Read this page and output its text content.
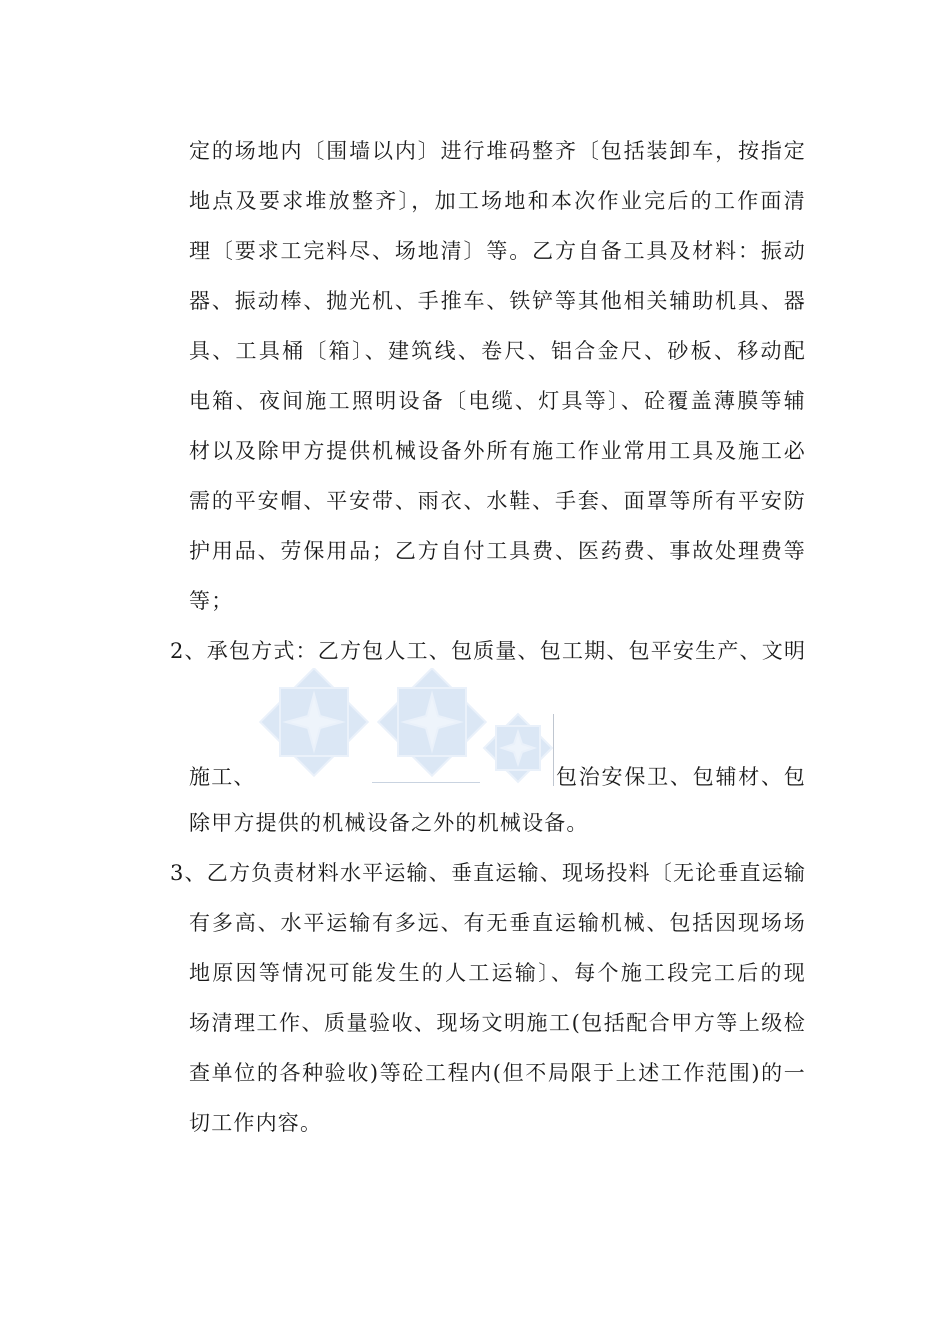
定的场地内〔围墙以内〕进行堆码整齐〔包括装卸车，按指定
地点及要求堆放整齐〕，加工场地和本次作业完后的工作面清
理〔要求工完料尽、场地清〕等。乙方自备工具及材料：振动
器、振动棒、抛光机、手推车、铁铲等其他相关辅助机具、器
具、工具桶〔箱〕、建筑线、卷尺、铝合金尺、砂板、移动配
电箱、夜间施工照明设备〔电缆、灯具等〕、砼覆盖薄膜等辅
材以及除甲方提供机械设备外所有施工作业常用工具及施工必
需的平安帽、平安带、雨衣、水鞋、手套、面罩等所有平安防
护用品、劳保用品；乙方自付工具费、医药费、事故处理费等
等；
2、承包方式：乙方包人工、包质量、包工期、包平安生产、文明
施工、	包治安保卫、包辅材、包
除甲方提供的机械设备之外的机械设备。
3、乙方负责材料水平运输、垂直运输、现场投料〔无论垂直运输
有多高、水平运输有多远、有无垂直运输机械、包括因现场场
地原因等情况可能发生的人工运输〕、每个施工段完工后的现
场清理工作、质量验收、现场文明施工(包括配合甲方等上级检
查单位的各种验收)等砼工程内(但不局限于上述工作范围)的一
切工作内容。
